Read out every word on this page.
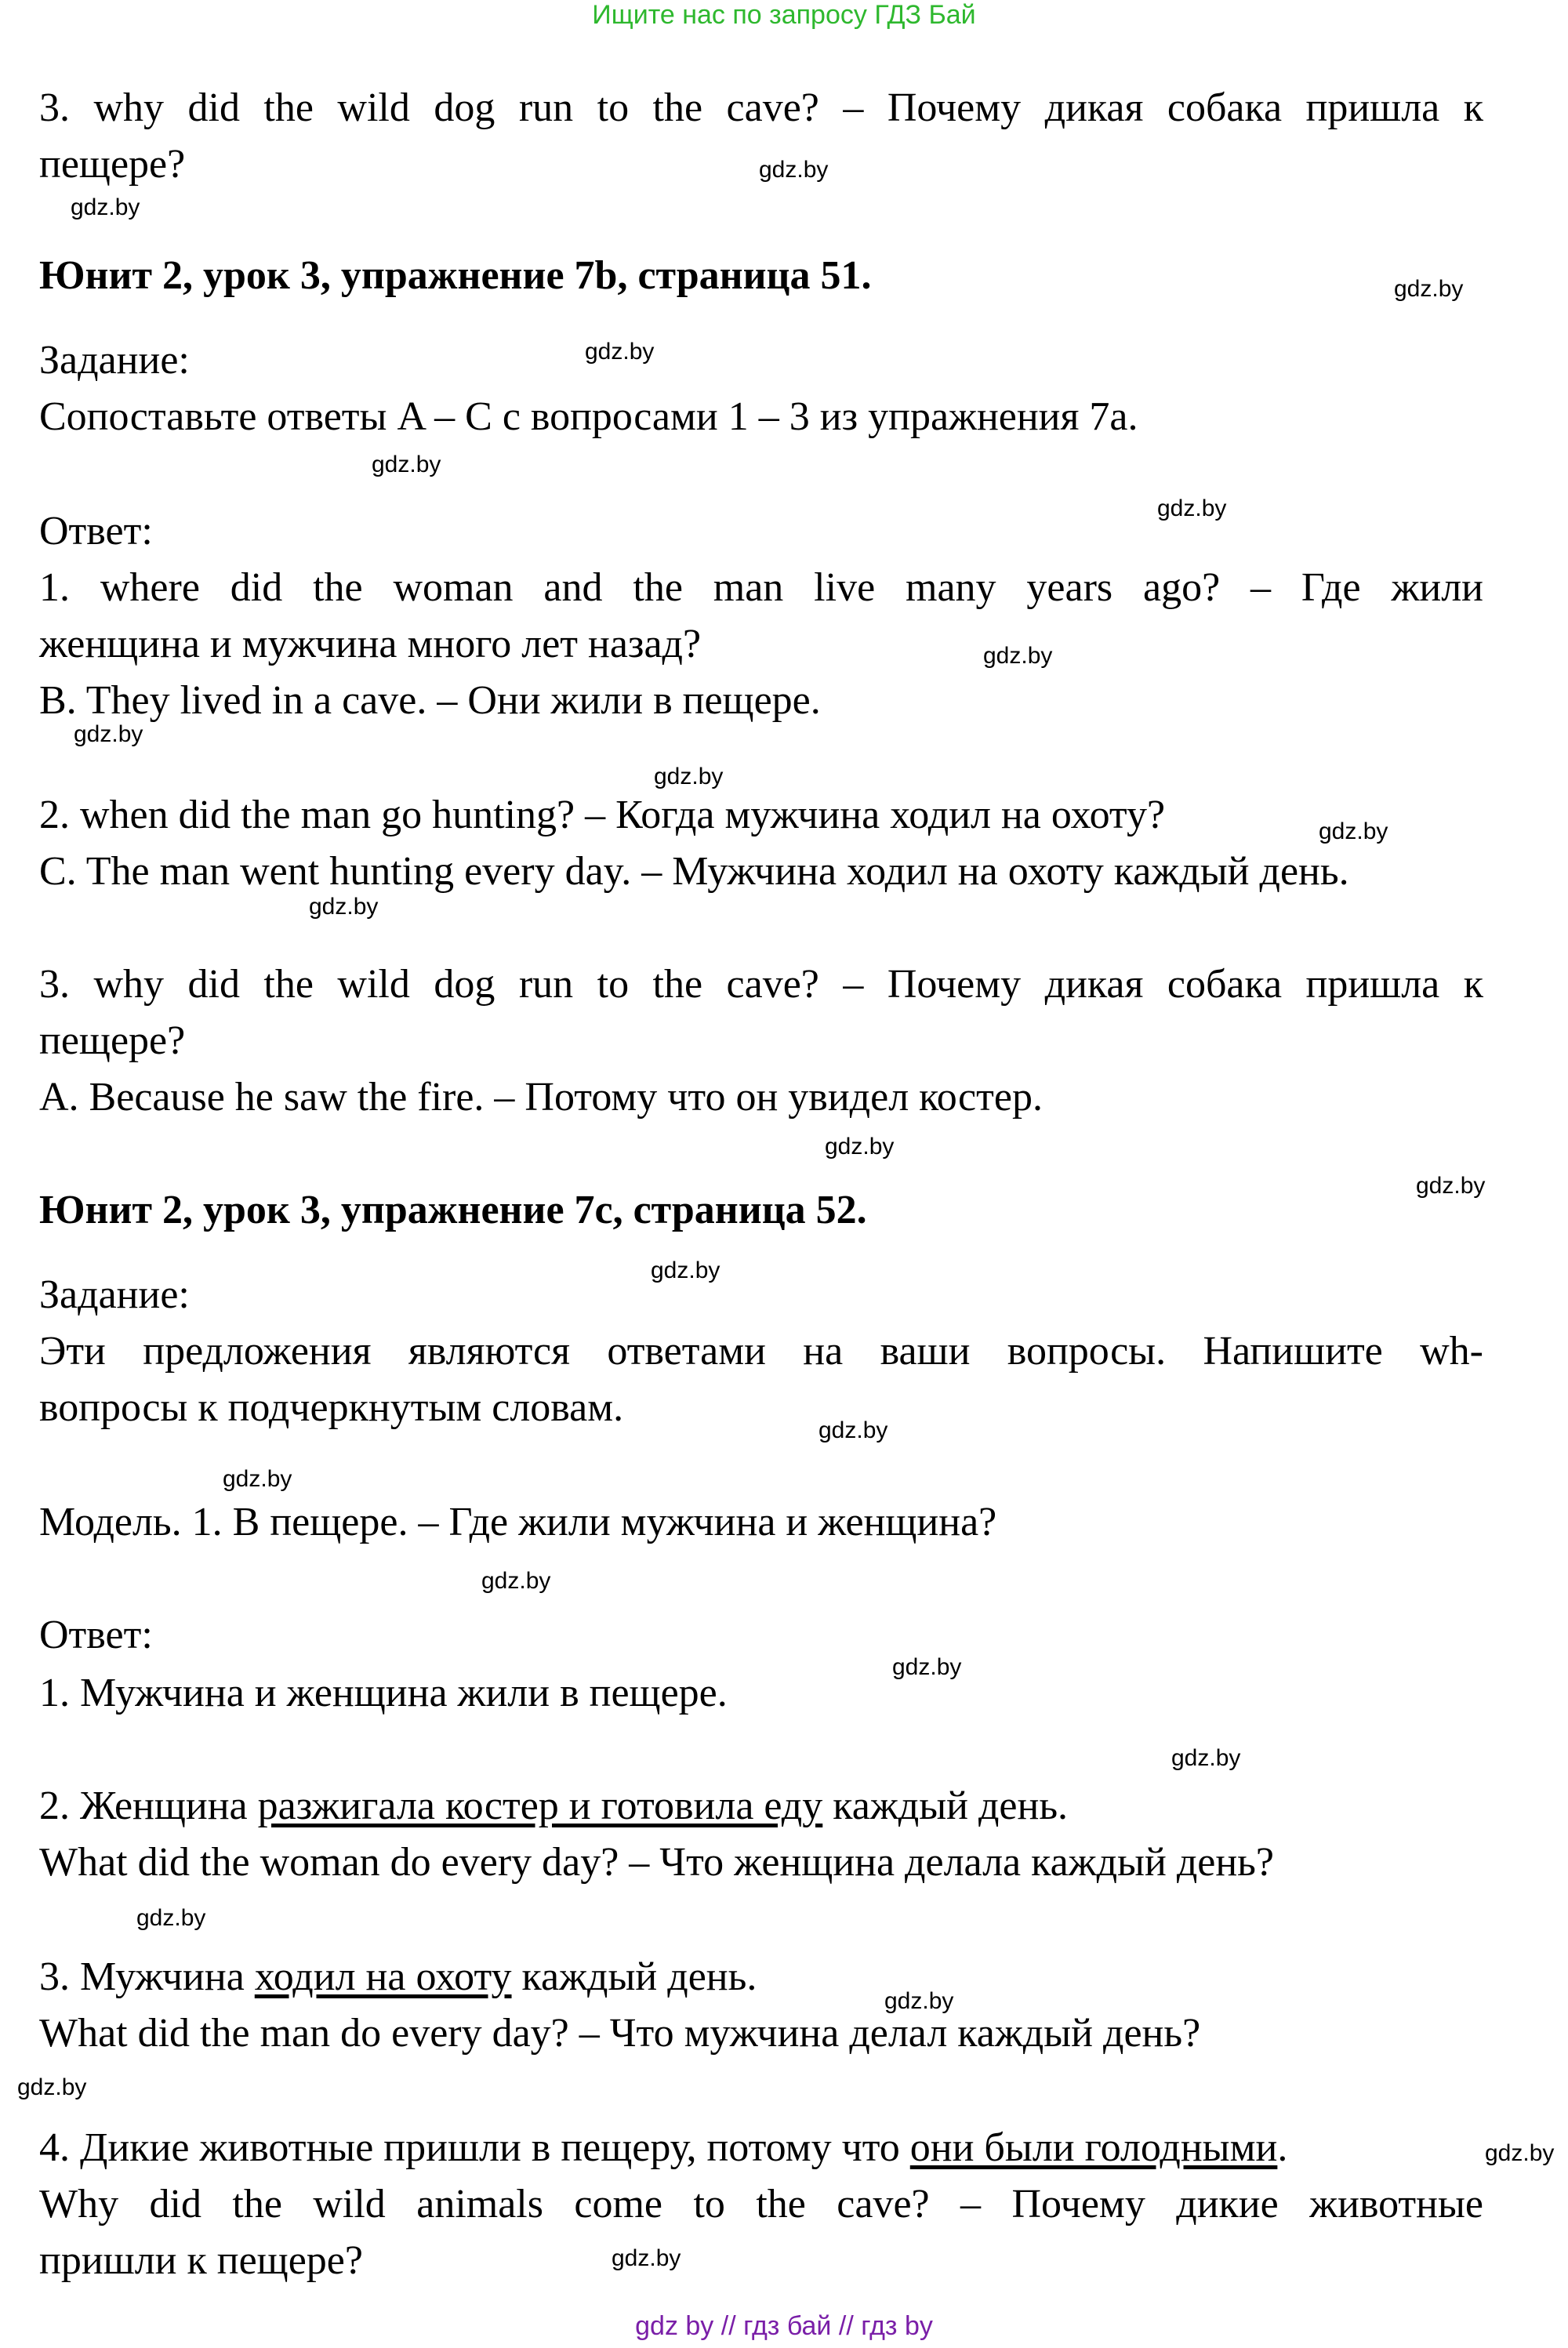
Ищите нас по запросу ГДЗ Бай
3. why did the wild dog run to the cave? – Почему дикая собака пришла к
пещере?
Юнит 2, урок 3, упражнение 7b, страница 51.
Задание:
Сопоставьте ответы A – C с вопросами 1 – 3 из упражнения 7a.
Ответ:
1. where did the woman and the man live many years ago? – Где жили
женщина и мужчина много лет назад?
B. They lived in a cave. – Они жили в пещере.
2. when did the man go hunting? – Когда мужчина ходил на охоту?
C. The man went hunting every day. – Мужчина ходил на охоту каждый день.
3. why did the wild dog run to the cave? – Почему дикая собака пришла к
пещере?
A. Because he saw the fire. – Потому что он увидел костер.
Юнит 2, урок 3, упражнение 7c, страница 52.
Задание:
Эти предложения являются ответами на ваши вопросы. Напишите wh-
вопросы к подчеркнутым словам.
Модель. 1. В пещере. – Где жили мужчина и женщина?
Ответ:
1. Мужчина и женщина жили в пещере.
2. Женщина разжигала костер и готовила еду каждый день.
What did the woman do every day? – Что женщина делала каждый день?
3. Мужчина ходил на охоту каждый день.
What did the man do every day? – Что мужчина делал каждый день?
4. Дикие животные пришли в пещеру, потому что они были голодными.
Why did the wild animals come to the cave? – Почему дикие животные
пришли к пещере?
gdz.by
gdz.by
gdz.by
gdz.by
gdz.by
gdz.by
gdz.by
gdz.by
gdz.by
gdz.by
gdz.by
gdz.by
gdz.by
gdz.by
gdz.by
gdz.by
gdz.by
gdz.by
gdz.by
gdz.by
gdz.by
gdz.by
gdz.by
gdz.by
gdz by // гдз бай // гдз by
